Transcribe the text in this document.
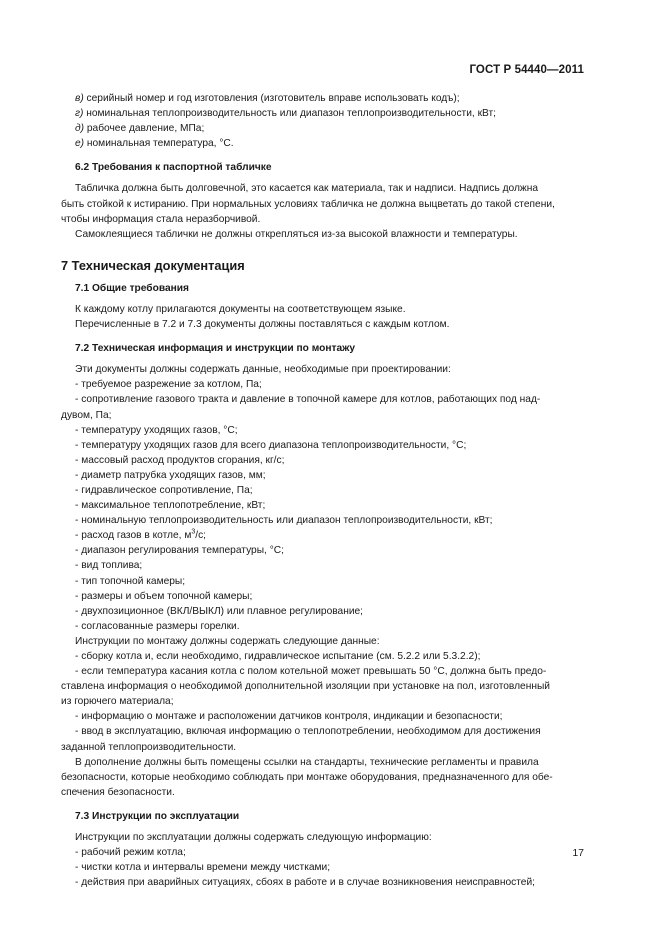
ГОСТ Р 54440—2011

в) серийный номер и год изготовления (изготовитель вправе использовать кодъ);

г) номинальная теплопроизводительность или диапазон теплопроизводительности, кВт;

д) рабочее давление, МПа;

е) номинальная температура, °С.

6.2 Требования к паспортной табличке

Табличка должна быть долговечной, это касается как материала, так и надписи. Надпись должна

быть стойкой к истиранию. При нормальных условиях табличка не должна выцветать до такой степени,

чтобы информация стала неразборчивой.

Самоклеящиеся таблички не должны открепляться из-за высокой влажности и температуры.

7 Техническая документация

7.1 Общие требования

К каждому котлу прилагаются документы на соответствующем языке.

Перечисленные в 7.2 и 7.3 документы должны поставляться с каждым котлом.

7.2 Техническая информация и инструкции по монтажу

Эти документы должны содержать данные, необходимые при проектировании:

- требуемое разрежение за котлом, Па;

- сопротивление газового тракта и давление в топочной камере для котлов, работающих под над-

дувом, Па;

- температуру уходящих газов, °С;

- температуру уходящих газов для всего диапазона теплопроизводительности, °С;

- массовый расход продуктов сгорания, кг/с;

- диаметр патрубка уходящих газов, мм;

- гидравлическое сопротивление, Па;

- максимальное теплопотребление, кВт;

- номинальную теплопроизводительность или диапазон теплопроизводительности, кВт;

- расход газов в котле, $м^3/с$;

- диапазон регулирования температуры, °С;

- вид топлива;

- тип топочной камеры;

- размеры и объем топочной камеры;

- двухпозиционное (ВКЛ/ВЫКЛ) или плавное регулирование;

- согласованные размеры горелки.

Инструкции по монтажу должны содержать следующие данные:

- сборку котла и, если необходимо, гидравлическое испытание (см. 5.2.2 или 5.3.2.2);

- если температура касания котла с полом котельной может превышать 50 °С, должна быть предо-

ставлена информация о необходимой дополнительной изоляции при установке на пол, изготовленный

из горючего материала;

- информацию о монтаже и расположении датчиков контроля, индикации и безопасности;

- ввод в эксплуатацию, включая информацию о теплопотреблении, необходимом для достижения

заданной теплопроизводительности.

В дополнение должны быть помещены ссылки на стандарты, технические регламенты и правила

безопасности, которые необходимо соблюдать при монтаже оборудования, предназначенного для обе-

спечения безопасности.

7.3 Инструкции по эксплуатации

Инструкции по эксплуатации должны содержать следующую информацию:

- рабочий режим котла;

- чистки котла и интервалы времени между чистками;

- действия при аварийных ситуациях, сбоях в работе и в случае возникновения неисправностей;

17
